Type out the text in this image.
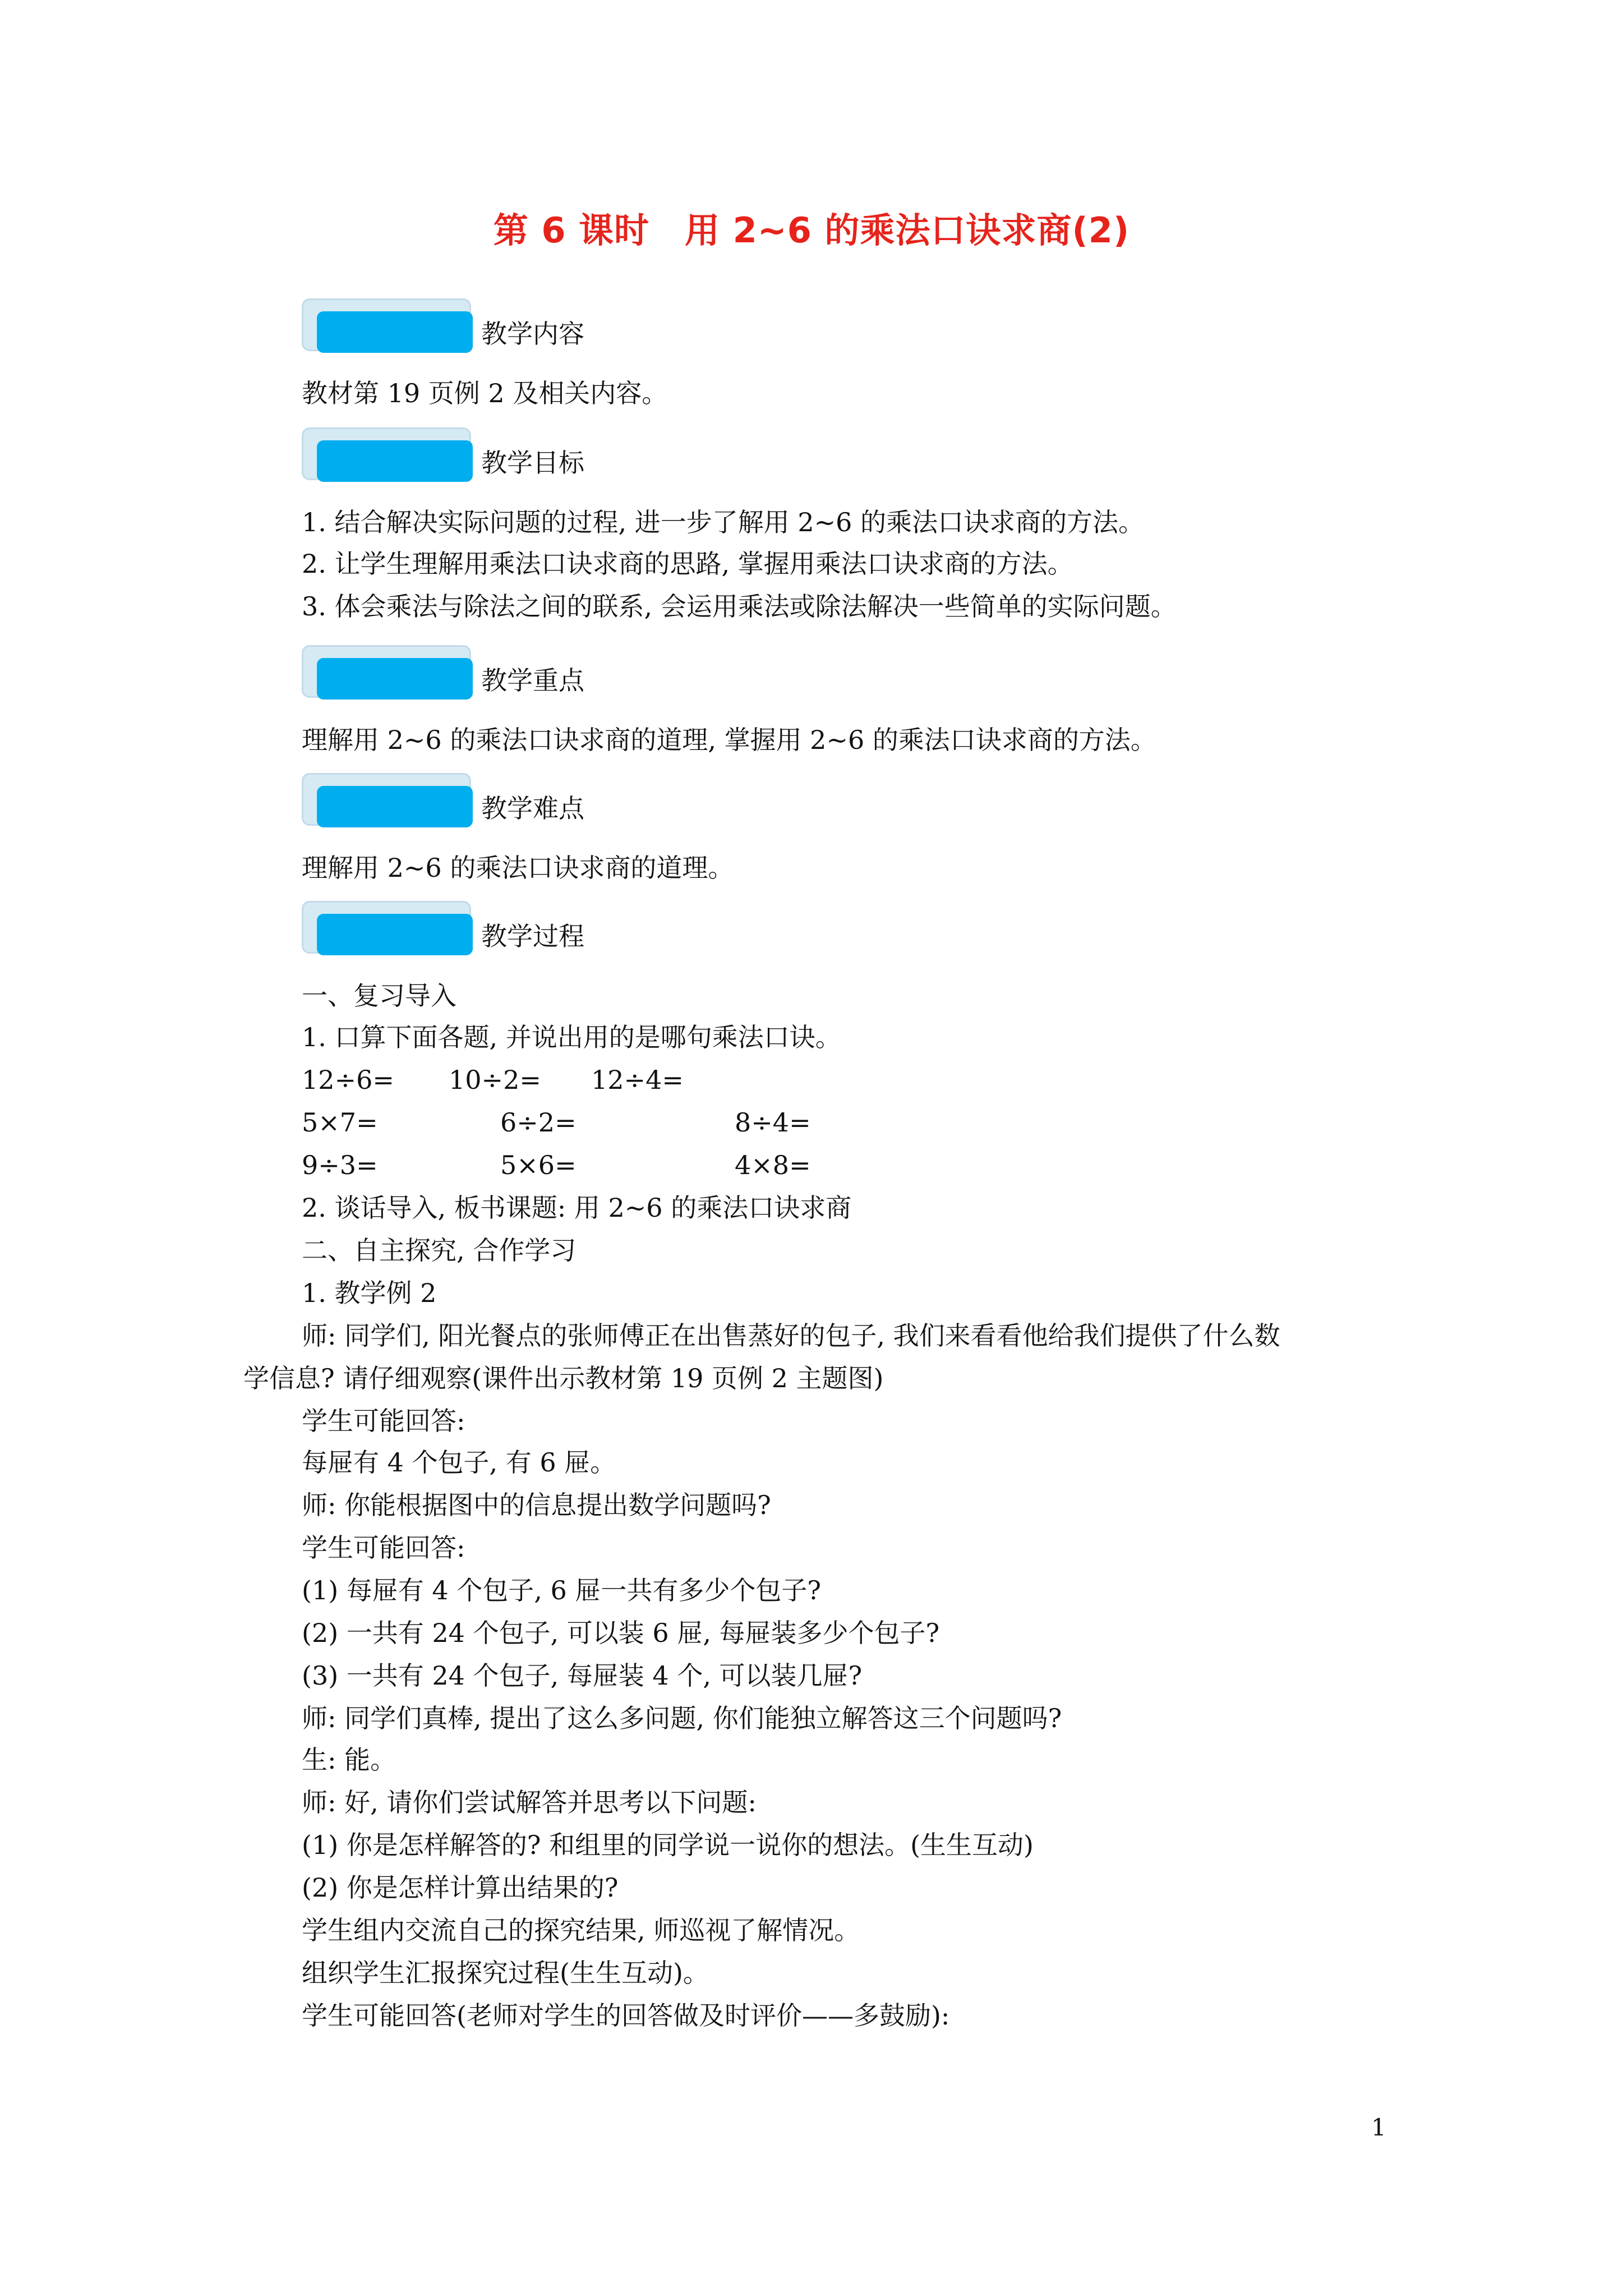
第 6 课时　用 2~6 的乘法口诀求商(2)
教学内容
教材第 19 页例 2 及相关内容。
教学目标
1. 结合解决实际问题的过程, 进一步了解用 2~6 的乘法口诀求商的方法。
2. 让学生理解用乘法口诀求商的思路, 掌握用乘法口诀求商的方法。
3. 体会乘法与除法之间的联系, 会运用乘法或除法解决一些简单的实际问题。
教学重点
理解用 2~6 的乘法口诀求商的道理, 掌握用 2~6 的乘法口诀求商的方法。
教学难点
理解用 2~6 的乘法口诀求商的道理。
教学过程
一、复习导入
1. 口算下面各题, 并说出用的是哪句乘法口诀。
12÷6= 10÷2= 12÷4=
5×7=	6÷2=	8÷4=
9÷3=	5×6=	4×8=
2. 谈话导入, 板书课题: 用 2~6 的乘法口诀求商
二、自主探究, 合作学习
1. 教学例 2
师: 同学们, 阳光餐点的张师傅正在出售蒸好的包子, 我们来看看他给我们提供了什么数
学信息? 请仔细观察(课件出示教材第 19 页例 2 主题图)
学生可能回答:
每屉有 4 个包子, 有 6 屉。
师: 你能根据图中的信息提出数学问题吗?
学生可能回答:
(1) 每屉有 4 个包子, 6 屉一共有多少个包子?
(2) 一共有 24 个包子, 可以装 6 屉, 每屉装多少个包子?
(3) 一共有 24 个包子, 每屉装 4 个, 可以装几屉?
师: 同学们真棒, 提出了这么多问题, 你们能独立解答这三个问题吗?
生: 能。
师: 好, 请你们尝试解答并思考以下问题:
(1) 你是怎样解答的? 和组里的同学说一说你的想法。(生生互动)
(2) 你是怎样计算出结果的?
学生组内交流自己的探究结果, 师巡视了解情况。
组织学生汇报探究过程(生生互动)。
学生可能回答(老师对学生的回答做及时评价——多鼓励):
1
